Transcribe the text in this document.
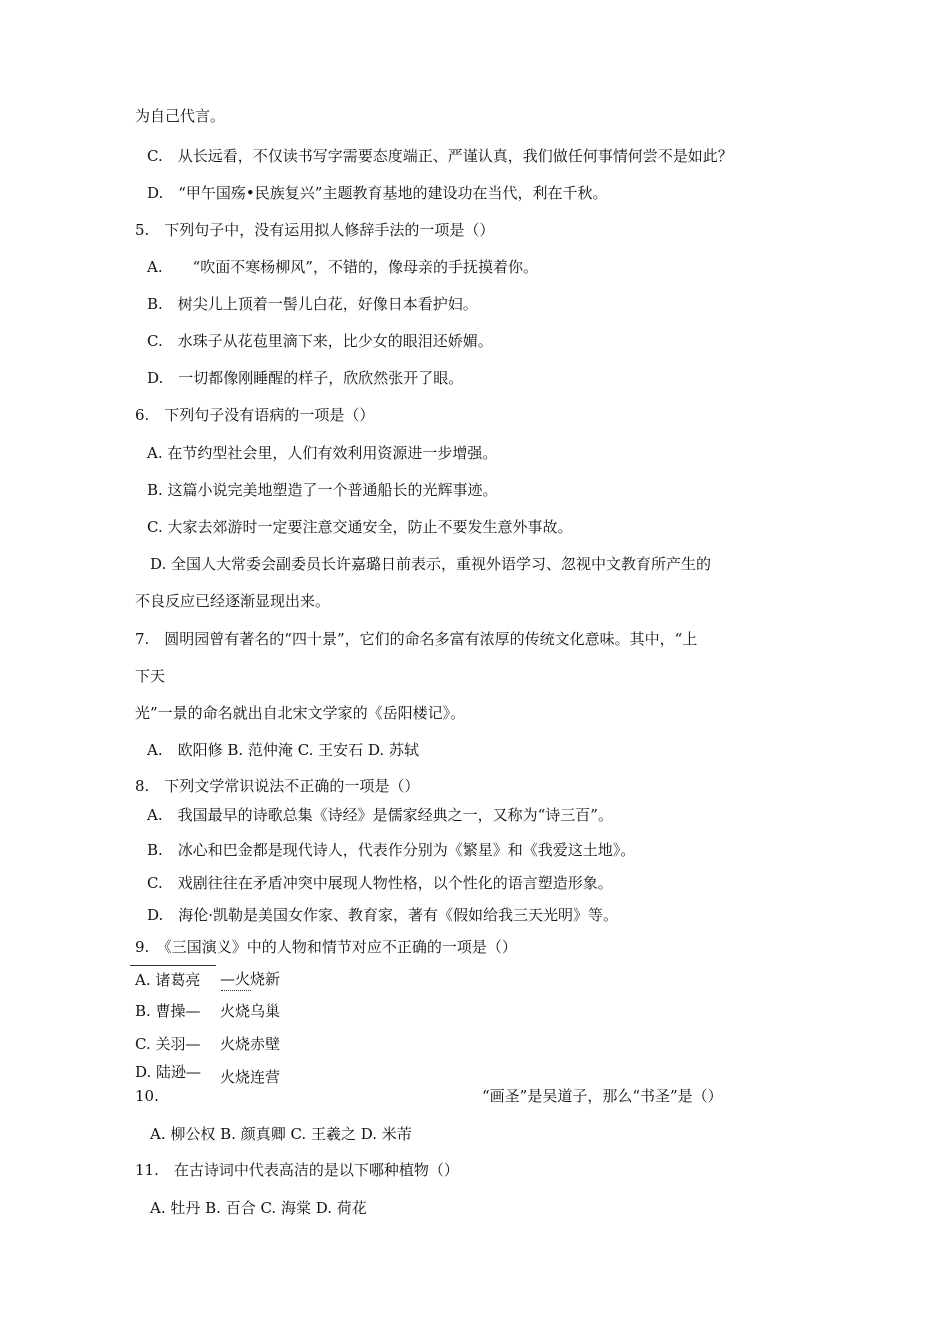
为自己代言。
C.　从长远看，不仅读书写字需要态度端正、严谨认真，我们做任何事情何尝不是如此？
D.　“甲午国殇•民族复兴”主题教育基地的建设功在当代，利在千秋。
5.　下列句子中，没有运用拟人修辞手法的一项是（）
A.　　“吹面不寒杨柳风”，不错的，像母亲的手抚摸着你。
B.　树尖儿上顶着一髻儿白花，好像日本看护妇。
C.　水珠子从花苞里滴下来，比少女的眼泪还娇媚。
D.　一切都像刚睡醒的样子，欣欣然张开了眼。
6.　下列句子没有语病的一项是（）
A. 在节约型社会里，人们有效利用资源进一步增强。
B. 这篇小说完美地塑造了一个普通船长的光辉事迹。
C. 大家去郊游时一定要注意交通安全，防止不要发生意外事故。
D. 全国人大常委会副委员长许嘉璐日前表示，重视外语学习、忽视中文教育所产生的
不良反应已经逐渐显现出来。
7.　圆明园曾有著名的“四十景”，它们的命名多富有浓厚的传统文化意味。其中，“上
下天
光”一景的命名就出自北宋文学家的《岳阳楼记》。
A.　欧阳修 B. 范仲淹 C. 王安石 D. 苏轼
8.　下列文学常识说法不正确的一项是（）
A.　我国最早的诗歌总集《诗经》是儒家经典之一，又称为“诗三百”。
B.　冰心和巴金都是现代诗人，代表作分别为《繁星》和《我爱这土地》。
C.　戏剧往往在矛盾冲突中展现人物性格，以个性化的语言塑造形象。
D.　海伦·凯勒是美国女作家、教育家，著有《假如给我三天光明》等。
9.　《三国演义》中的人物和情节对应不正确的一项是（）
A. 诸葛亮 —火烧新
B. 曹操— 火烧乌巢
C. 关羽— 火烧赤壁
D. 陆逊— 火烧连营
10.	“画圣”是吴道子，那么“书圣”是（）
A. 柳公权 B. 颜真卿 C. 王羲之 D. 米芾
11.　在古诗词中代表高洁的是以下哪种植物（）
A. 牡丹 B. 百合 C. 海棠 D. 荷花
